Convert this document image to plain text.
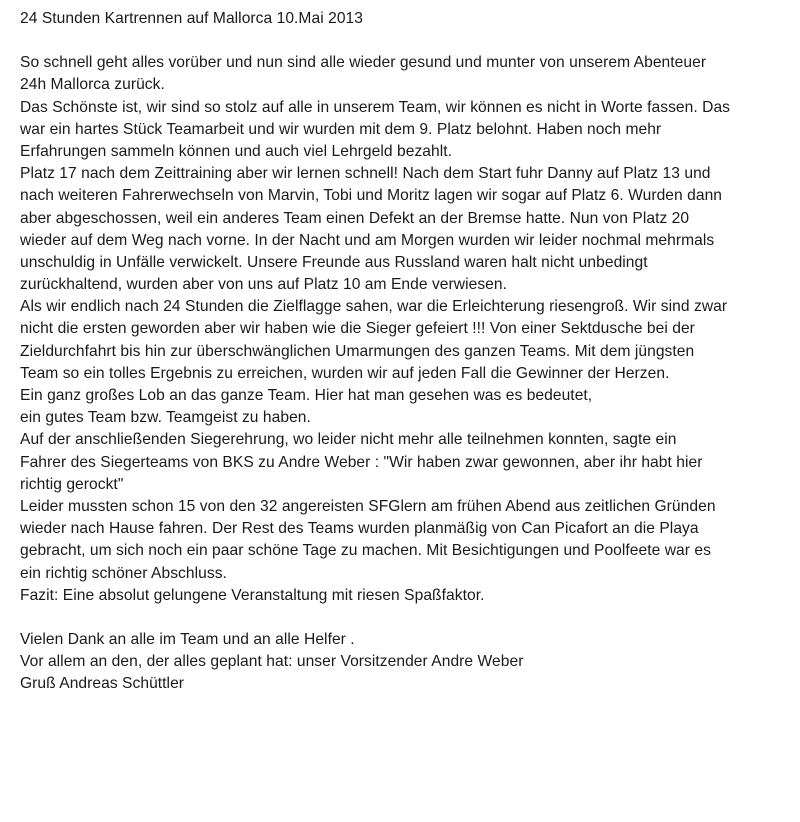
24 Stunden Kartrennen auf Mallorca 10.Mai 2013
So schnell geht alles vorüber und nun sind alle wieder gesund und munter von unserem Abenteuer
24h Mallorca zurück.
Das Schönste ist, wir sind so stolz auf alle in unserem Team, wir können es nicht in Worte fassen. Das
war ein hartes Stück Teamarbeit und wir wurden mit dem 9. Platz belohnt. Haben noch mehr
Erfahrungen sammeln können und auch viel Lehrgeld bezahlt.
Platz 17 nach dem Zeittraining aber wir lernen schnell! Nach dem Start fuhr Danny auf Platz 13 und
nach weiteren Fahrerwechseln von Marvin, Tobi und Moritz lagen wir sogar auf Platz 6. Wurden dann
aber abgeschossen, weil ein anderes Team einen Defekt an der Bremse hatte. Nun von Platz 20
wieder auf dem Weg nach vorne. In der Nacht und am Morgen wurden wir leider nochmal mehrmals
unschuldig in Unfälle verwickelt. Unsere Freunde aus Russland waren halt nicht unbedingt
zurückhaltend, wurden aber von uns auf Platz 10 am Ende verwiesen.
Als wir endlich nach 24 Stunden die Zielflagge sahen, war die Erleichterung riesengroß. Wir sind zwar
nicht die ersten geworden aber wir haben wie die Sieger gefeiert !!! Von einer Sektdusche bei der
Zieldurchfahrt bis hin zur überschwänglichen Umarmungen des ganzen Teams. Mit dem jüngsten
Team so ein tolles Ergebnis zu erreichen, wurden wir auf jeden Fall die Gewinner der Herzen.
Ein ganz großes Lob an das ganze Team. Hier hat man gesehen was es bedeutet,
ein gutes Team bzw. Teamgeist zu haben.
Auf der anschließenden Siegerehrung, wo leider nicht mehr alle teilnehmen konnten, sagte ein
Fahrer des Siegerteams von BKS zu Andre Weber : "Wir haben zwar gewonnen, aber ihr habt hier
richtig gerockt"
Leider mussten schon 15 von den 32 angereisten SFGlern am frühen Abend aus zeitlichen Gründen
wieder nach Hause fahren. Der Rest des Teams wurden planmäßig von Can Picafort an die Playa
gebracht, um sich noch ein paar schöne Tage zu machen. Mit Besichtigungen und Poolfeete war es
ein richtig schöner Abschluss.
Fazit: Eine absolut gelungene Veranstaltung mit riesen Spaßfaktor.
Vielen Dank an alle im Team und an alle Helfer .
Vor allem an den, der alles geplant hat: unser Vorsitzender Andre Weber
Gruß Andreas Schüttler
